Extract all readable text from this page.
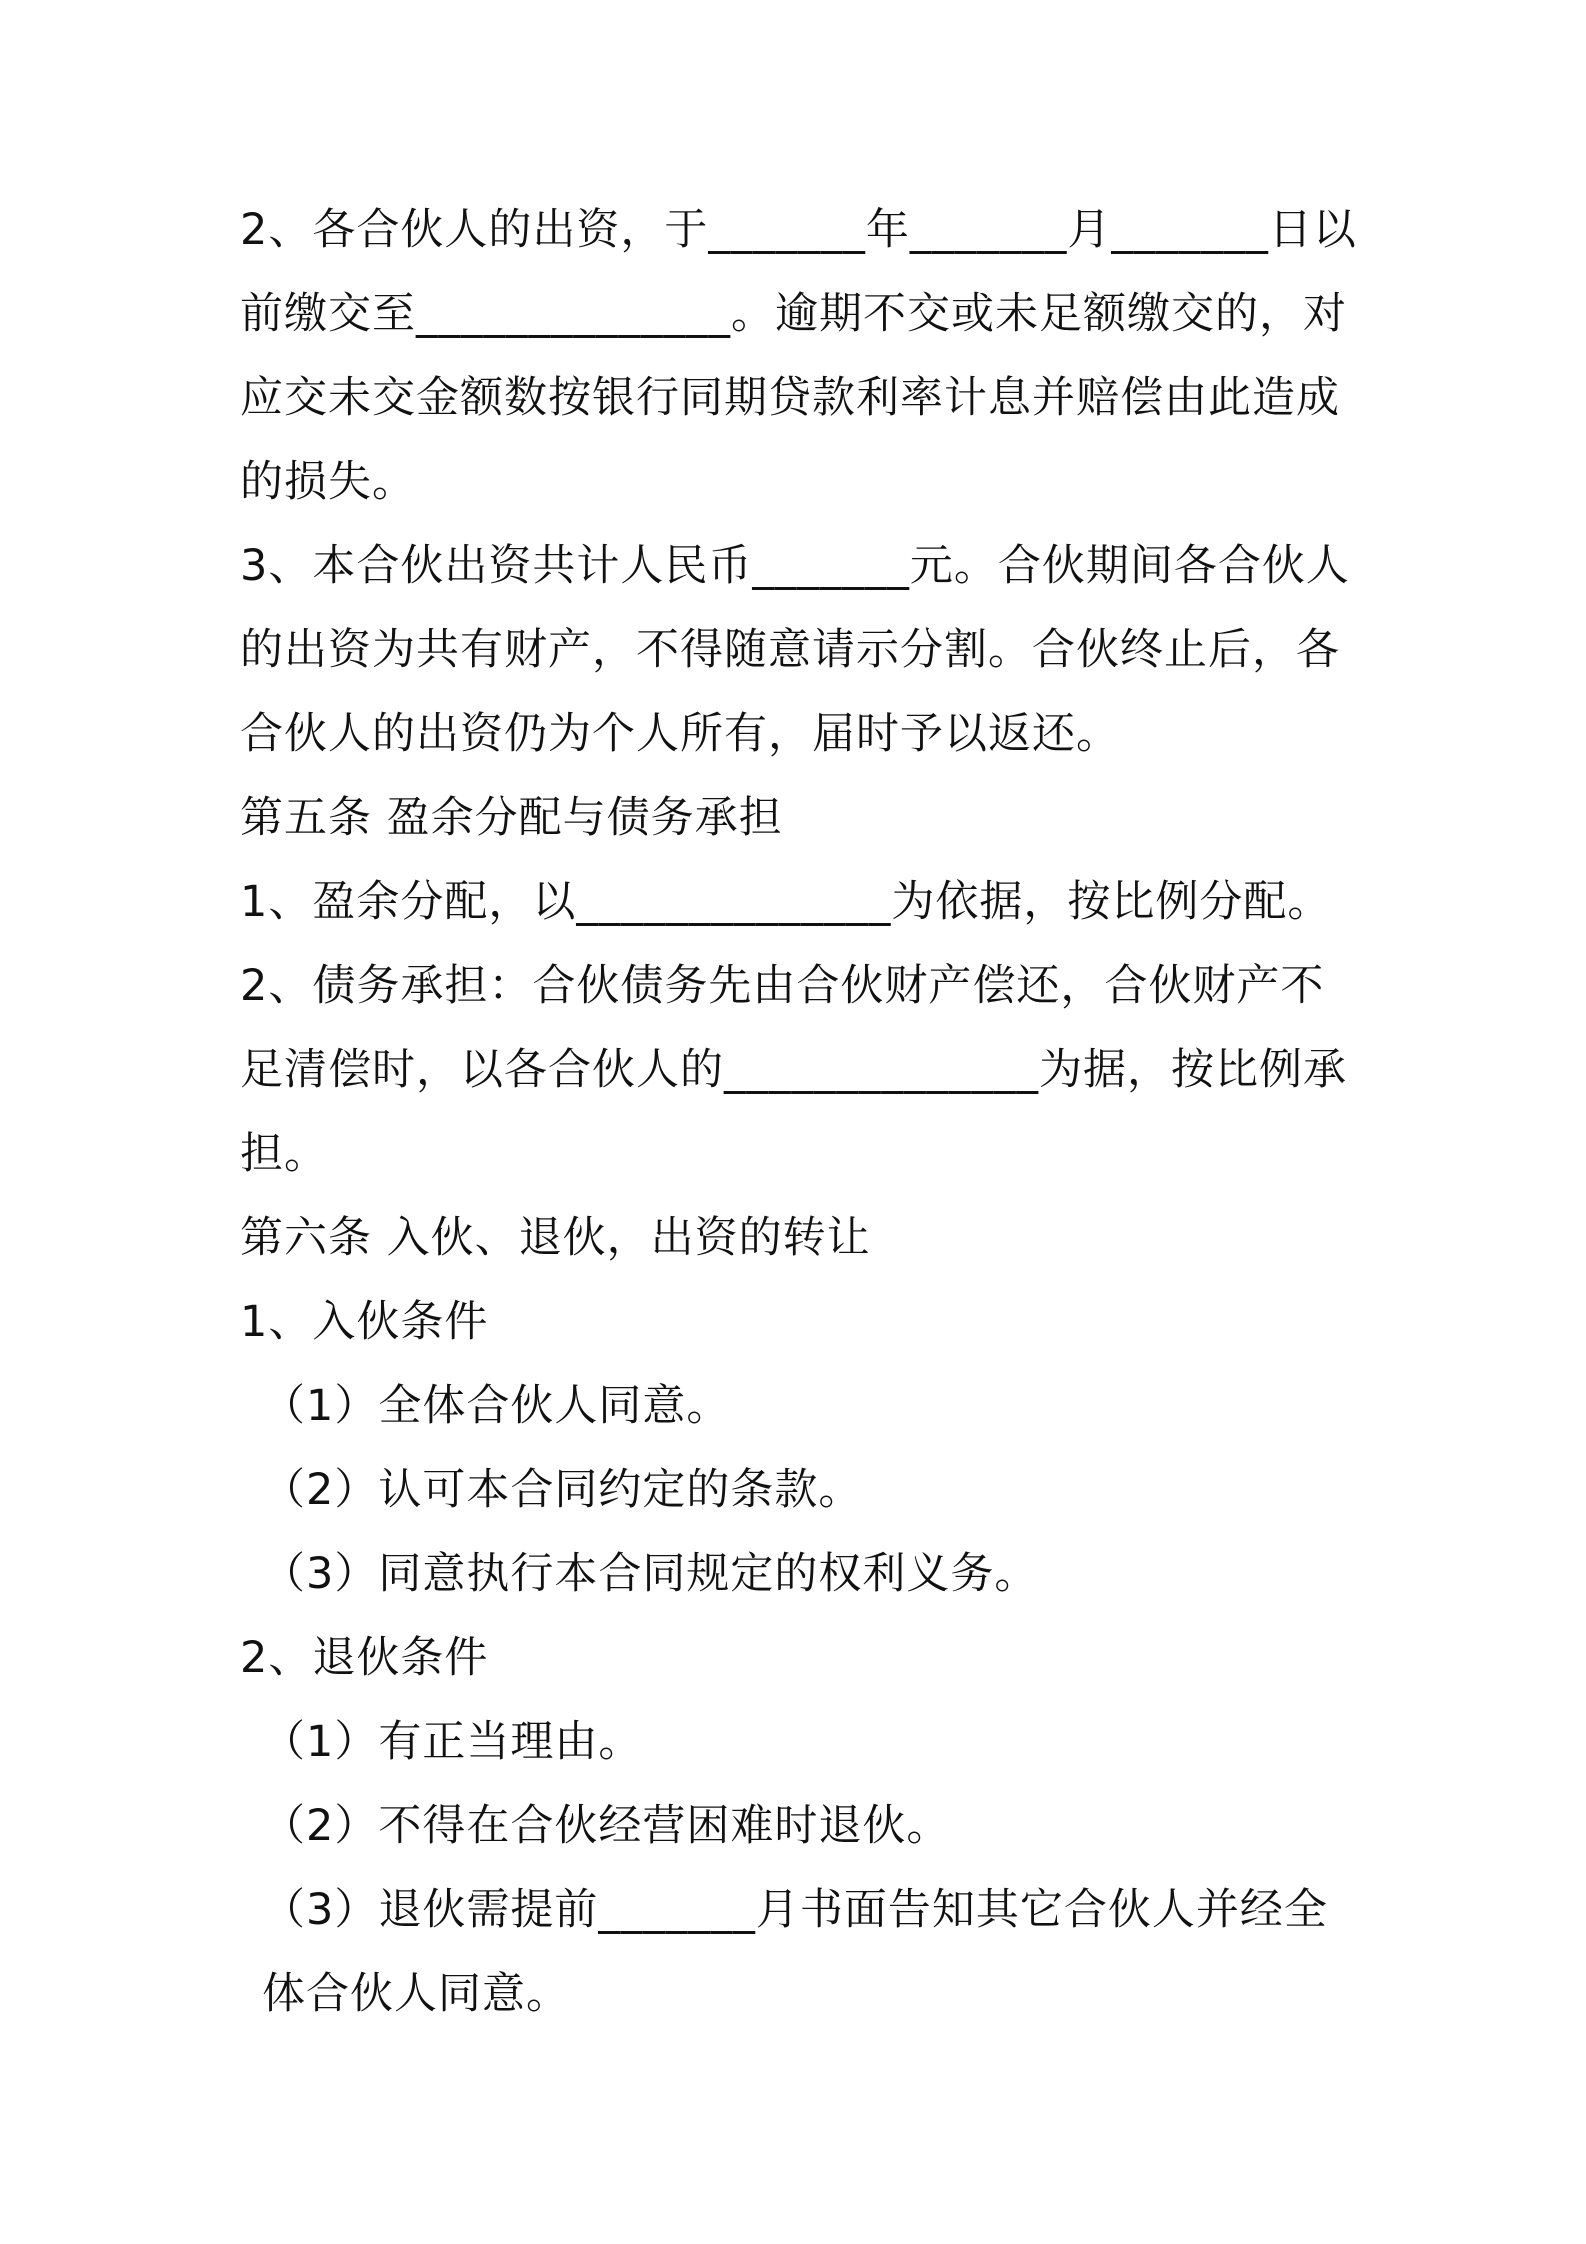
2、各合伙人的出资，于_______年_______月_______日以前缴交至______________。逾期不交或未足额缴交的，对应交未交金额数按银行同期贷款利率计息并赔偿由此造成的损失。

3、本合伙出资共计人民币_______元。合伙期间各合伙人的出资为共有财产，不得随意请示分割。合伙终止后，各合伙人的出资仍为个人所有，届时予以返还。

第五条 盈余分配与债务承担

1、盈余分配，以______________为依据，按比例分配。

2、债务承担：合伙债务先由合伙财产偿还，合伙财产不足清偿时，以各合伙人的______________为据，按比例承担。

第六条 入伙、退伙，出资的转让

1、入伙条件

（1）全体合伙人同意。

（2）认可本合同约定的条款。

（3）同意执行本合同规定的权利义务。

2、退伙条件

（1）有正当理由。

（2）不得在合伙经营困难时退伙。

（3）退伙需提前_______月书面告知其它合伙人并经全体合伙人同意。
